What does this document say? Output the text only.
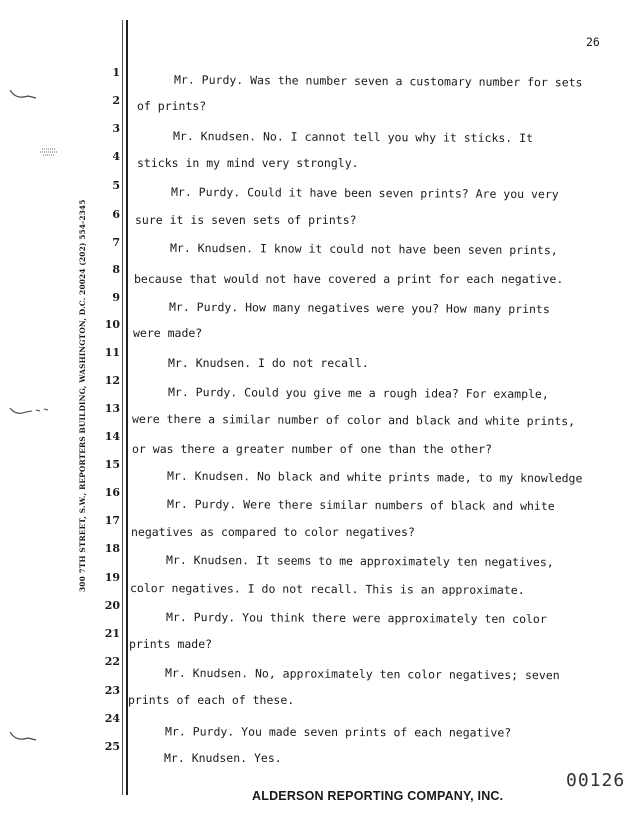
300 7TH STREET, S.W., REPORTERS BUILDING, WASHINGTON, D.C. 20024 (202) 554-2345
26
1
2
3
4
5
6
7
8
9
10
11
12
13
14
15
16
17
18
19
20
21
22
23
24
25
Mr. Purdy. Was the number seven a customary number for sets
of prints?
Mr. Knudsen. No. I cannot tell you why it sticks. It
sticks in my mind very strongly.
Mr. Purdy. Could it have been seven prints? Are you very
sure it is seven sets of prints?
Mr. Knudsen. I know it could not have been seven prints,
because that would not have covered a print for each negative.
Mr. Purdy. How many negatives were you? How many prints
were made?
Mr. Knudsen. I do not recall.
Mr. Purdy. Could you give me a rough idea? For example,
were there a similar number of color and black and white prints,
or was there a greater number of one than the other?
Mr. Knudsen. No black and white prints made, to my knowledge
Mr. Purdy. Were there similar numbers of black and white
negatives as compared to color negatives?
Mr. Knudsen. It seems to me approximately ten negatives,
color negatives. I do not recall. This is an approximate.
Mr. Purdy. You think there were approximately ten color
prints made?
Mr. Knudsen. No, approximately ten color negatives; seven
prints of each of these.
Mr. Purdy. You made seven prints of each negative?
Mr. Knudsen. Yes.
00126
ALDERSON REPORTING COMPANY, INC.
